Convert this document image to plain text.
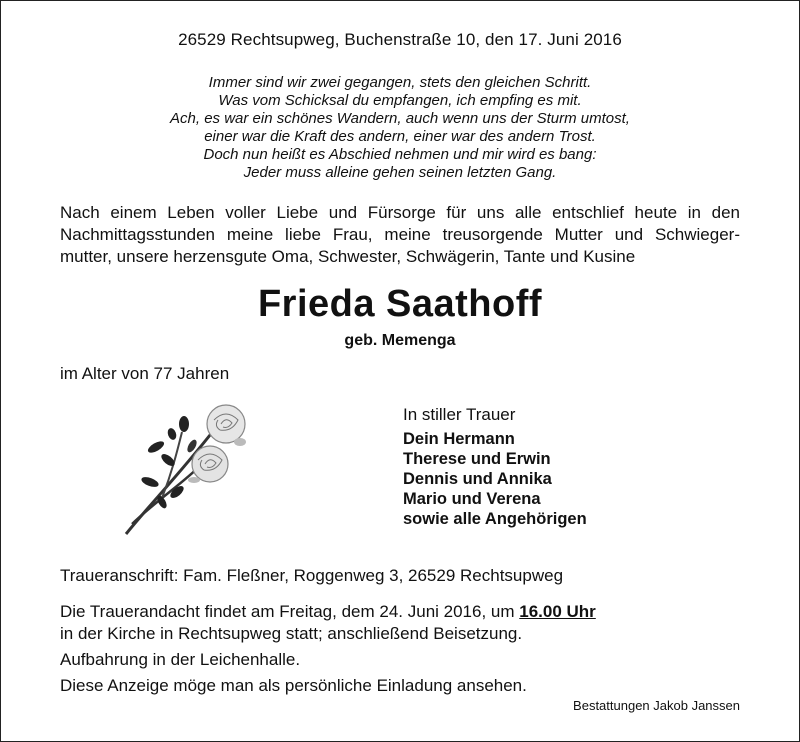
26529 Rechtsupweg, Buchenstraße 10, den 17. Juni 2016
Immer sind wir zwei gegangen, stets den gleichen Schritt.
Was vom Schicksal du empfangen, ich empfing es mit.
Ach, es war ein schönes Wandern, auch wenn uns der Sturm umtost,
einer war die Kraft des andern, einer war des andern Trost.
Doch nun heißt es Abschied nehmen und mir wird es bang:
Jeder muss alleine gehen seinen letzten Gang.
Nach einem Leben voller Liebe und Fürsorge für uns alle entschlief heute in den
Nachmittagsstunden meine liebe Frau, meine treusorgende Mutter und Schwieger-
mutter, unsere herzensgute Oma, Schwester, Schwägerin, Tante und Kusine
Frieda Saathoff
geb. Memenga
im Alter von 77 Jahren
In stiller Trauer
Dein Hermann
Therese und Erwin
Dennis und Annika
Mario und Verena
sowie alle Angehörigen
Traueranschrift: Fam. Fleßner, Roggenweg 3, 26529 Rechtsupweg
Die Trauerandacht findet am Freitag, dem 24. Juni 2016, um 16.00 Uhr
in der Kirche in Rechtsupweg statt; anschließend Beisetzung.
Aufbahrung in der Leichenhalle.
Diese Anzeige möge man als persönliche Einladung ansehen.
Bestattungen Jakob Janssen
